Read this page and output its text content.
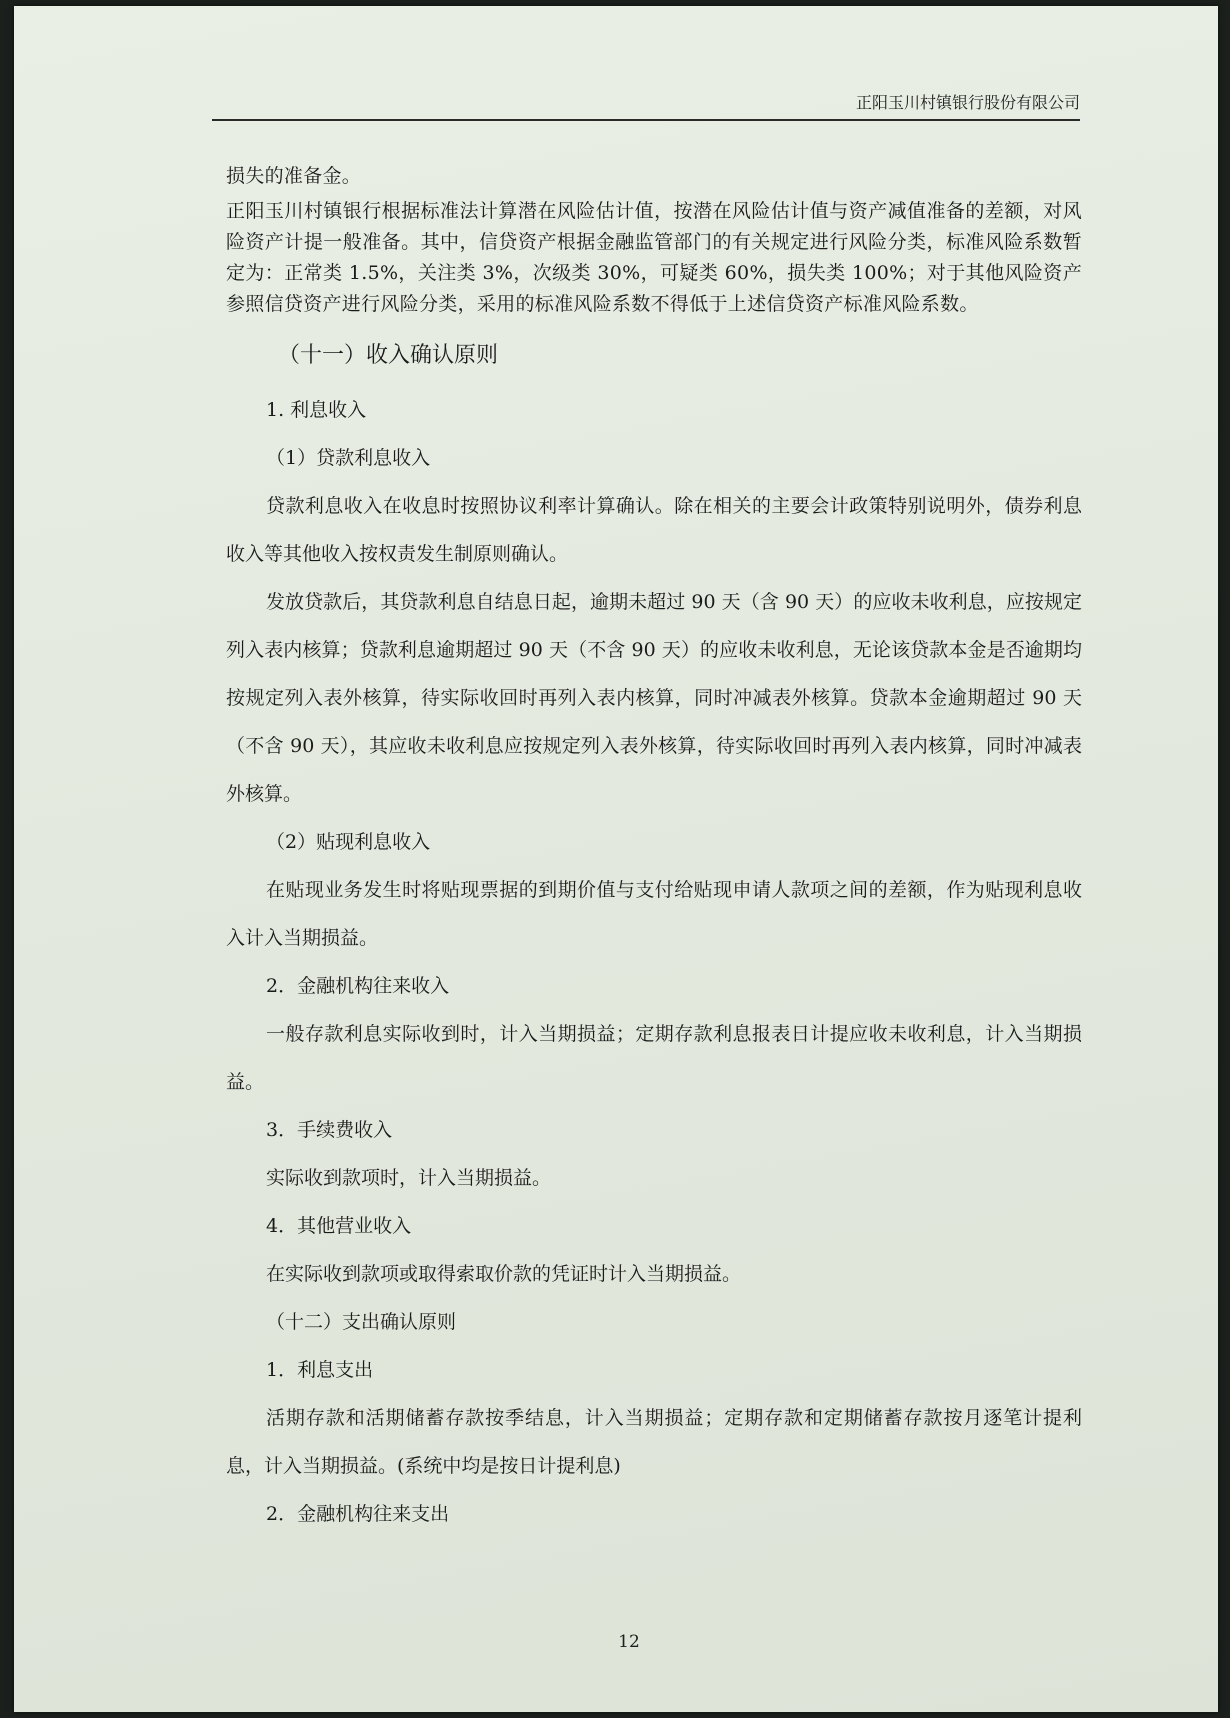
正阳玉川村镇银行股份有限公司

损失的准备金。

正阳玉川村镇银行根据标准法计算潜在风险估计值，按潜在风险估计值与资产减值准备的差额，对风险资产计提一般准备。其中，信贷资产根据金融监管部门的有关规定进行风险分类，标准风险系数暂定为：正常类 1.5%，关注类 3%，次级类 30%，可疑类 60%，损失类 100%；对于其他风险资产参照信贷资产进行风险分类，采用的标准风险系数不得低于上述信贷资产标准风险系数。

（十一）收入确认原则
1. 利息收入
（1）贷款利息收入

贷款利息收入在收息时按照协议利率计算确认。除在相关的主要会计政策特别说明外，债券利息收入等其他收入按权责发生制原则确认。

发放贷款后，其贷款利息自结息日起，逾期未超过 90 天（含 90 天）的应收未收利息，应按规定列入表内核算；贷款利息逾期超过 90 天（不含 90 天）的应收未收利息，无论该贷款本金是否逾期均按规定列入表外核算，待实际收回时再列入表内核算，同时冲减表外核算。贷款本金逾期超过 90 天（不含 90 天），其应收未收利息应按规定列入表外核算，待实际收回时再列入表内核算，同时冲减表外核算。

（2）贴现利息收入

在贴现业务发生时将贴现票据的到期价值与支付给贴现申请人款项之间的差额，作为贴现利息收入计入当期损益。

2．金融机构往来收入

一般存款利息实际收到时，计入当期损益；定期存款利息报表日计提应收未收利息，计入当期损益。

3．手续费收入

实际收到款项时，计入当期损益。

4．其他营业收入

在实际收到款项或取得索取价款的凭证时计入当期损益。

（十二）支出确认原则
1．利息支出

活期存款和活期储蓄存款按季结息，计入当期损益；定期存款和定期储蓄存款按月逐笔计提利息，计入当期损益。(系统中均是按日计提利息)

2．金融机构往来支出
12
